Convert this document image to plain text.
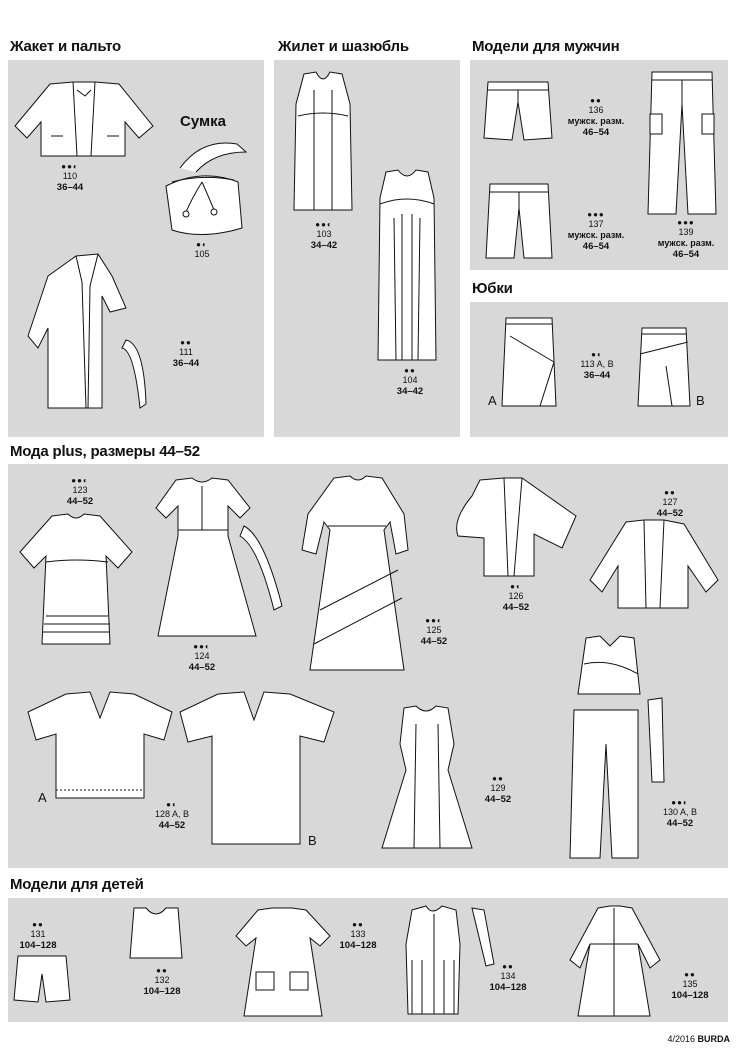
Жакет и пальто	Жилет и шазюбль	Модели для мужчин
Юбки
Мода plus, размеры 44–52
Модели для детей
Сумка
●●◐
110
36–44
●◐
105
●●
111
36–44
●●◐
103
34–42
●●
104
34–42
●●
136
мужск. разм.
46–54
●●●
137
мужск. разм.
46–54
●●●
139
мужск. разм.
46–54
●◐
113 A, B
36–44
●●◐
123
44–52
●●◐
124
44–52
●●◐
125
44–52
●◐
126
44–52
●●
127
44–52
●◐
128 A, B
44–52
●●
129
44–52	●●◐
130 A, B
44–52
●●
131
104–128
●●
132
104–128
●●
133
104–128
●●
134
104–128
●●
135
104–128
A	B
A
B
4/2016 BURDA
